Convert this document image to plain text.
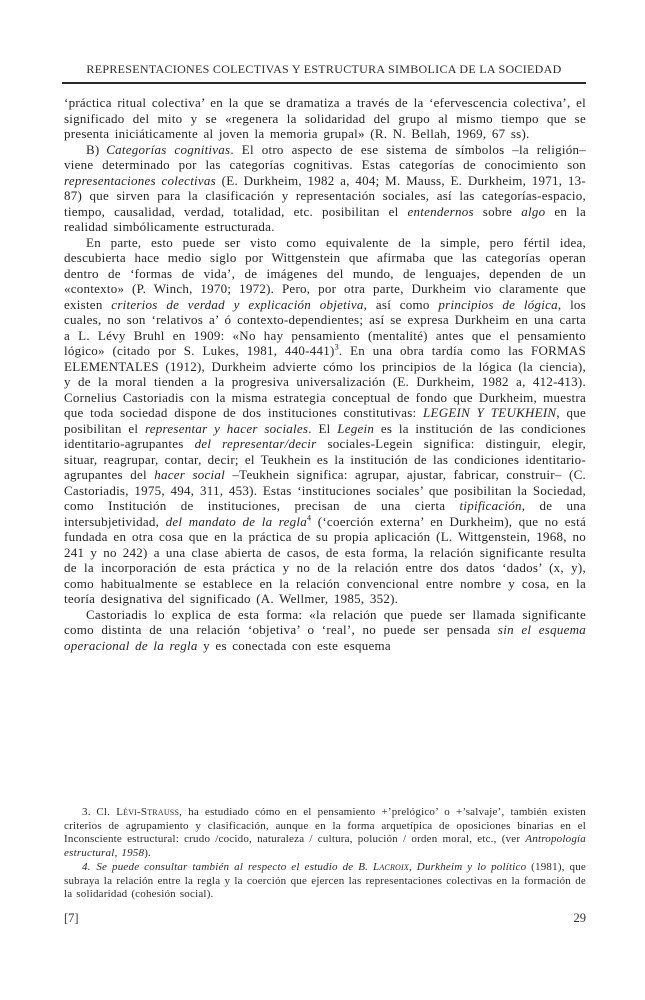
REPRESENTACIONES COLECTIVAS Y ESTRUCTURA SIMBOLICA DE LA SOCIEDAD

‘práctica ritual colectiva’ en la que se dramatiza a través de la ‘efervescencia colectiva’, el significado del mito y se «regenera la solidaridad del grupo al mismo tiempo que se presenta iniciáticamente al joven la memoria grupal» (R. N. Bellah, 1969, 67 ss).

B) Categorías cognitivas. El otro aspecto de ese sistema de símbolos –la religión– viene determinado por las categorías cognitivas. Estas categorías de conocimiento son representaciones colectivas (E. Durkheim, 1982 a, 404; M. Mauss, E. Durkheim, 1971, 13-87) que sirven para la clasificación y representación sociales, así las categorías-espacio, tiempo, causalidad, verdad, totalidad, etc. posibilitan el entendernos sobre algo en la realidad simbólicamente estructurada.

En parte, esto puede ser visto como equivalente de la simple, pero fértil idea, descubierta hace medio siglo por Wittgenstein que afirmaba que las categorías operan dentro de ‘formas de vida’, de imágenes del mundo, de lenguajes, dependen de un «contexto» (P. Winch, 1970; 1972). Pero, por otra parte, Durkheim vio claramente que existen criterios de verdad y explicación objetiva, así como principios de lógica, los cuales, no son ‘relativos a’ ó contexto-dependientes; así se expresa Durkheim en una carta a L. Lévy Bruhl en 1909: «No hay pensamiento (mentalité) antes que el pensamiento lógico» (citado por S. Lukes, 1981, 440-441)$^3$. En una obra tardía como las FORMAS ELEMENTALES (1912), Durkheim advierte cómo los principios de la lógica (la ciencia), y de la moral tienden a la progresiva universalización (E. Durkheim, 1982 a, 412-413). Cornelius Castoriadis con la misma estrategia conceptual de fondo que Durkheim, muestra que toda sociedad dispone de dos instituciones constitutivas: LEGEIN Y TEUKHEIN, que posibilitan el representar y hacer sociales. El Legein es la institución de las condiciones identitario-agrupantes del representar/decir sociales-Legein significa: distinguir, elegir, situar, reagrupar, contar, decir; el Teukhein es la institución de las condiciones identitario-agrupantes del hacer social –Teukhein significa: agrupar, ajustar, fabricar, construir– (C. Castoriadis, 1975, 494, 311, 453). Estas ‘instituciones sociales’ que posibilitan la Sociedad, como Institución de instituciones, precisan de una cierta tipificación, de una intersubjetividad, del mandato de la regla$^4$ (‘coerción externa’ en Durkheim), que no está fundada en otra cosa que en la práctica de su propia aplicación (L. Wittgenstein, 1968, no 241 y no 242) a una clase abierta de casos, de esta forma, la relación significante resulta de la incorporación de esta práctica y no de la relación entre dos datos ‘dados’ (x, y), como habitualmente se establece en la relación convencional entre nombre y cosa, en la teoría designativa del significado (A. Wellmer, 1985, 352).

Castoriadis lo explica de esta forma: «la relación que puede ser llamada significante como distinta de una relación ‘objetiva’ o ‘real’, no puede ser pensada sin el esquema operacional de la regla y es conectada con este esquema

3. Cl. Lévi-Strauss, ha estudiado cómo en el pensamiento +’prelógico’ o +’salvaje’, también existen criterios de agrupamiento y clasificación, aunque en la forma arquetípica de oposiciones binarias en el Inconsciente estructural: crudo /cocido, naturaleza / cultura, polución / orden moral, etc., (ver Antropología estructural, 1958).

4. Se puede consultar también al respecto el estudio de B. Lacroix, Durkheim y lo político (1981), que subraya la relación entre la regla y la coerción que ejercen las representaciones colectivas en la formación de la solidaridad (cohesión social).

[7]	29
